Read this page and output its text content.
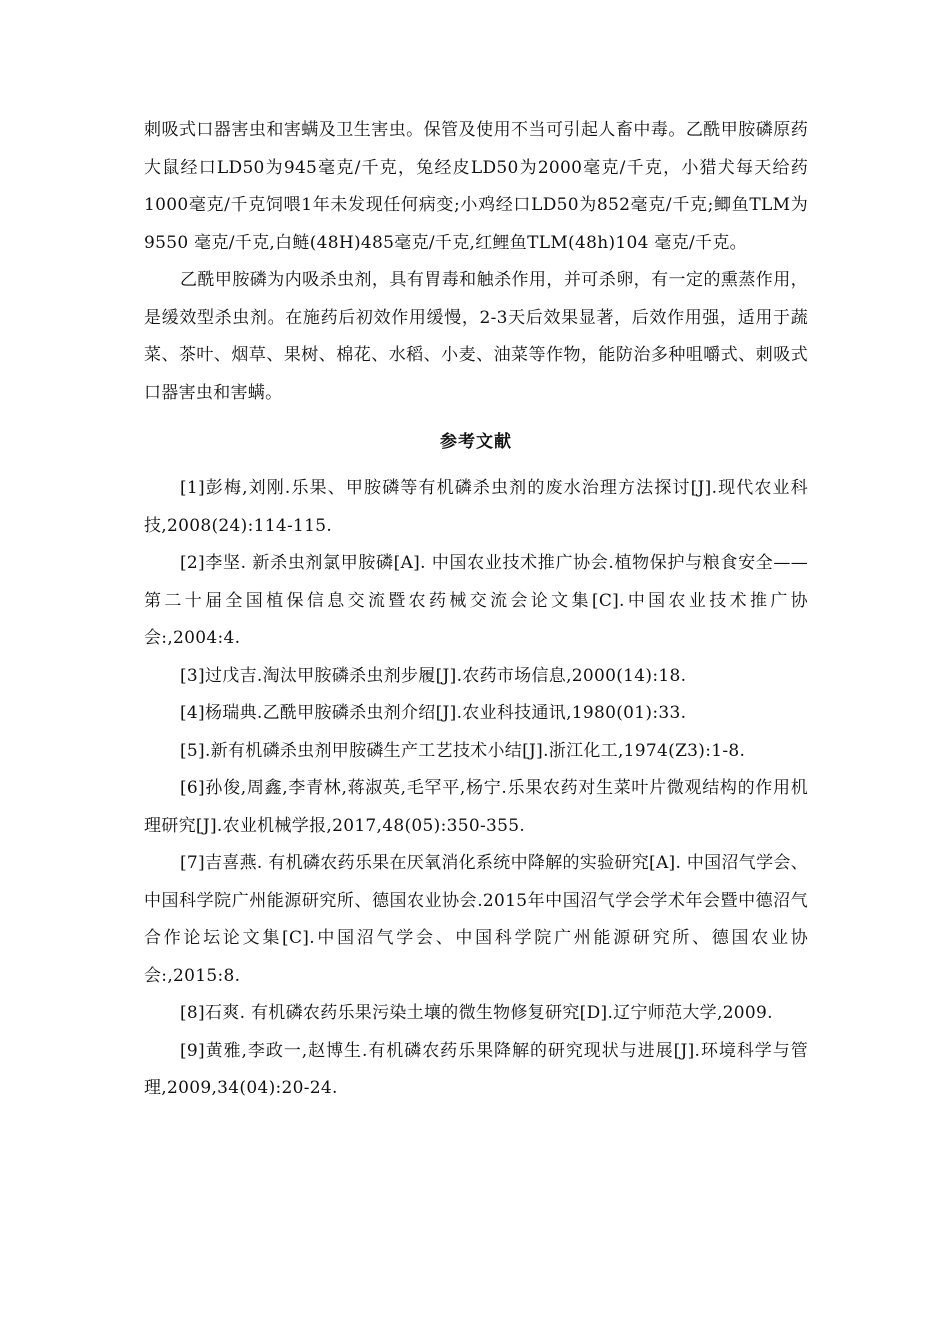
刺吸式口器害虫和害螨及卫生害虫。保管及使用不当可引起人畜中毒。乙酰甲胺磷原药大鼠经口LD50为945毫克/千克，兔经皮LD50为2000毫克/千克，小猎犬每天给药1000毫克/千克饲喂1年未发现任何病变;小鸡经口LD50为852毫克/千克;鲫鱼TLM为9550 毫克/千克,白鲢(48H)485毫克/千克,红鲤鱼TLM(48h)104 毫克/千克。

乙酰甲胺磷为内吸杀虫剂，具有胃毒和触杀作用，并可杀卵，有一定的熏蒸作用，是缓效型杀虫剂。在施药后初效作用缓慢，2-3天后效果显著，后效作用强，适用于蔬菜、茶叶、烟草、果树、棉花、水稻、小麦、油菜等作物，能防治多种咀嚼式、刺吸式口器害虫和害螨。

参考文献
[1]彭梅,刘刚.乐果、甲胺磷等有机磷杀虫剂的废水治理方法探讨[J].现代农业科技,2008(24):114-115.
[2]李坚. 新杀虫剂氯甲胺磷[A]. 中国农业技术推广协会.植物保护与粮食安全——第二十届全国植保信息交流暨农药械交流会论文集[C].中国农业技术推广协会:,2004:4.
[3]过戊吉.淘汰甲胺磷杀虫剂步履[J].农药市场信息,2000(14):18.
[4]杨瑞典.乙酰甲胺磷杀虫剂介绍[J].农业科技通讯,1980(01):33.
[5].新有机磷杀虫剂甲胺磷生产工艺技术小结[J].浙江化工,1974(Z3):1-8.
[6]孙俊,周鑫,李青林,蒋淑英,毛罕平,杨宁.乐果农药对生菜叶片微观结构的作用机理研究[J].农业机械学报,2017,48(05):350-355.
[7]吉喜燕. 有机磷农药乐果在厌氧消化系统中降解的实验研究[A]. 中国沼气学会、中国科学院广州能源研究所、德国农业协会.2015年中国沼气学会学术年会暨中德沼气合作论坛论文集[C].中国沼气学会、中国科学院广州能源研究所、德国农业协会:,2015:8.
[8]石爽. 有机磷农药乐果污染土壤的微生物修复研究[D].辽宁师范大学,2009.
[9]黄雅,李政一,赵博生.有机磷农药乐果降解的研究现状与进展[J].环境科学与管理,2009,34(04):20-24.
